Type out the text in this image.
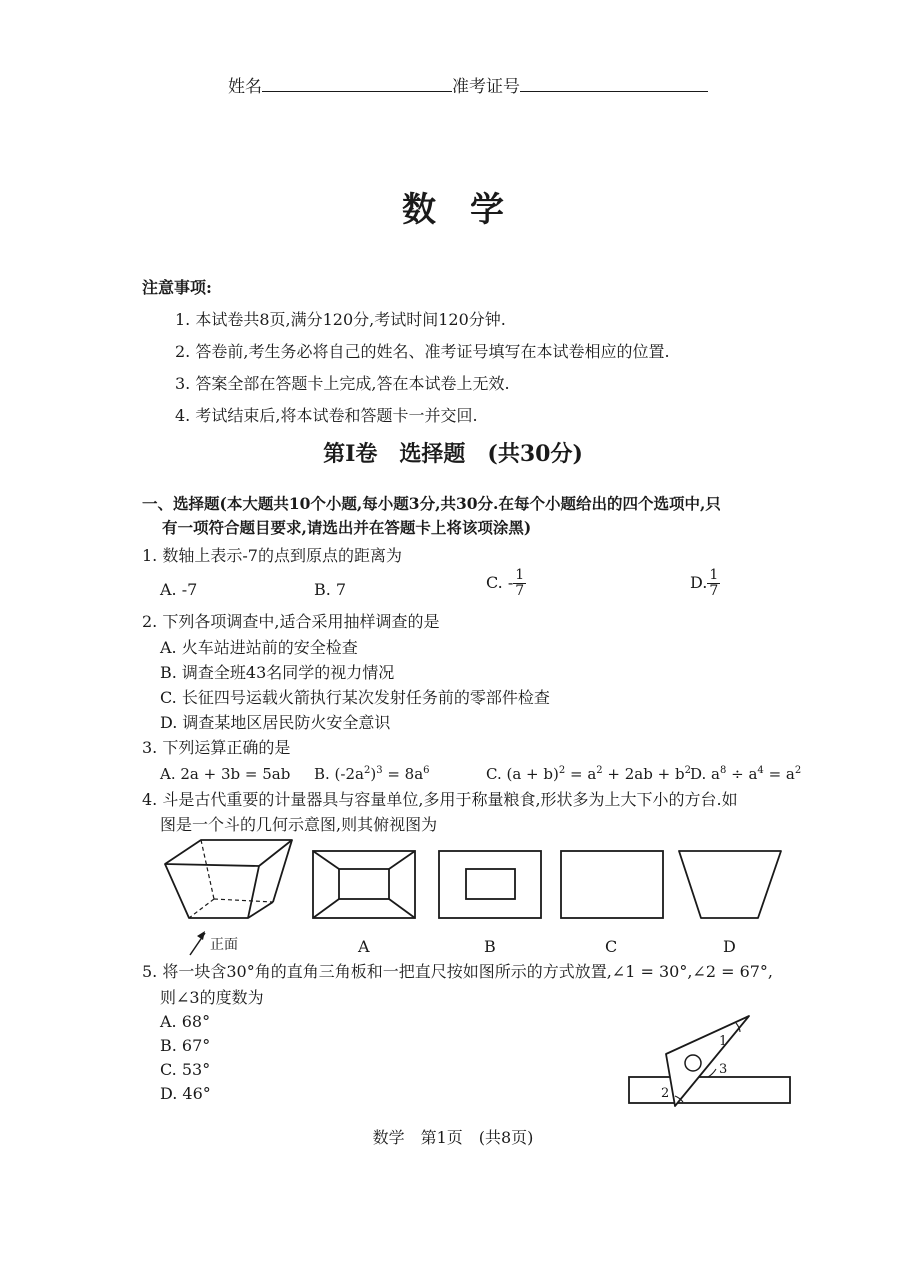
姓名	准考证号
数　学
注意事项:
1. 本试卷共8页,满分120分,考试时间120分钟.
2. 答卷前,考生务必将自己的姓名、准考证号填写在本试卷相应的位置.
3. 答案全部在答题卡上完成,答在本试卷上无效.
4. 考试结束后,将本试卷和答题卡一并交回.
第Ⅰ卷　选择题　(共30分)
一、选择题(本大题共10个小题,每小题3分,共30分.在每个小题给出的四个选项中,只
有一项符合题目要求,请选出并在答题卡上将该项涂黑)
1. 数轴上表示-7的点到原点的距离为
A. -7	B. 7	C. - $\frac{1}{7}$	D. $\frac{1}{7}$
2. 下列各项调查中,适合采用抽样调查的是
A. 火车站进站前的安全检查
B. 调查全班43名同学的视力情况
C. 长征四号运载火箭执行某次发射任务前的零部件检查
D. 调查某地区居民防火安全意识
3. 下列运算正确的是
A. 2a + 3b = 5ab B. $(-2a^2)^3 = 8a^6$	C. $(a + b)^2 = a^2 + 2ab + b^2$ D. $a^8 \div a^4 = a^2$
4. 斗是古代重要的计量器具与容量单位,多用于称量粮食,形状多为上大下小的方台.如
图是一个斗的几何示意图,则其俯视图为
正面	A	B	C	D
5. 将一块含30°角的直角三角板和一把直尺按如图所示的方式放置,∠1 = 30°,∠2 = 67°,
则∠3的度数为
A. 68°
B. 67°
C. 53°
D. 46°
1
2
3
数学　第1页　(共8页)
